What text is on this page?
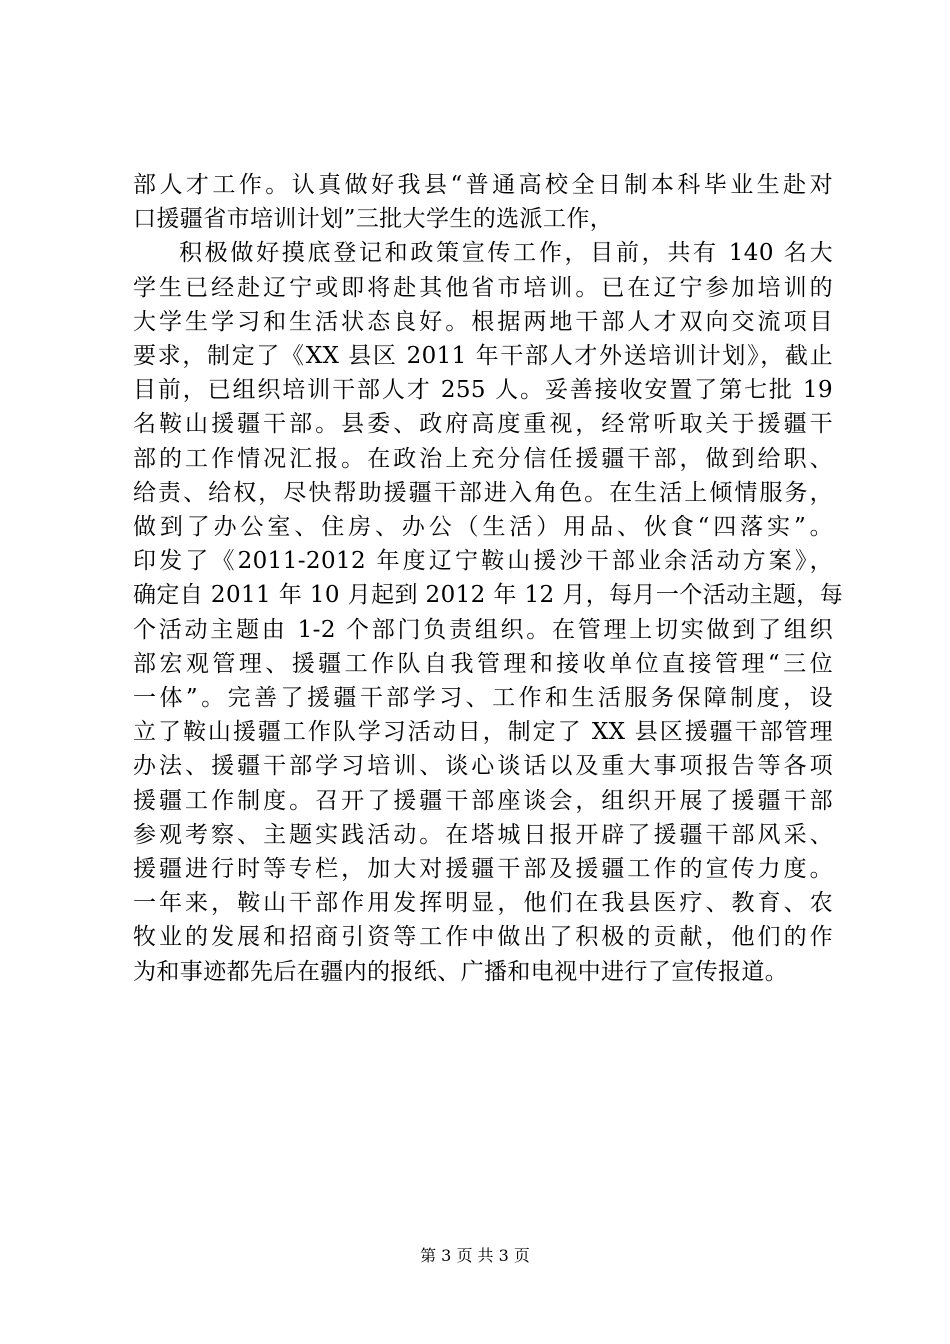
部人才工作。认真做好我县“普通高校全日制本科毕业生赴对
口援疆省市培训计划”三批大学生的选派工作，

积极做好摸底登记和政策宣传工作，目前，共有 140 名大
学生已经赴辽宁或即将赴其他省市培训。已在辽宁参加培训的
大学生学习和生活状态良好。根据两地干部人才双向交流项目
要求，制定了《XX 县区 2011 年干部人才外送培训计划》，截止
目前，已组织培训干部人才 255 人。妥善接收安置了第七批 19
名鞍山援疆干部。县委、政府高度重视，经常听取关于援疆干
部的工作情况汇报。在政治上充分信任援疆干部，做到给职、
给责、给权，尽快帮助援疆干部进入角色。在生活上倾情服务，
做到了办公室、住房、办公（生活）用品、伙食“四落实”。
印发了《2011-2012 年度辽宁鞍山援沙干部业余活动方案》，
确定自 2011 年 10 月起到 2012 年 12 月，每月一个活动主题，每
个活动主题由 1-2 个部门负责组织。在管理上切实做到了组织
部宏观管理、援疆工作队自我管理和接收单位直接管理“三位
一体”。完善了援疆干部学习、工作和生活服务保障制度，设
立了鞍山援疆工作队学习活动日，制定了 XX 县区援疆干部管理
办法、援疆干部学习培训、谈心谈话以及重大事项报告等各项
援疆工作制度。召开了援疆干部座谈会，组织开展了援疆干部
参观考察、主题实践活动。在塔城日报开辟了援疆干部风采、
援疆进行时等专栏，加大对援疆干部及援疆工作的宣传力度。
一年来，鞍山干部作用发挥明显，他们在我县医疗、教育、农
牧业的发展和招商引资等工作中做出了积极的贡献，他们的作
为和事迹都先后在疆内的报纸、广播和电视中进行了宣传报道。

第 3 页 共 3 页
